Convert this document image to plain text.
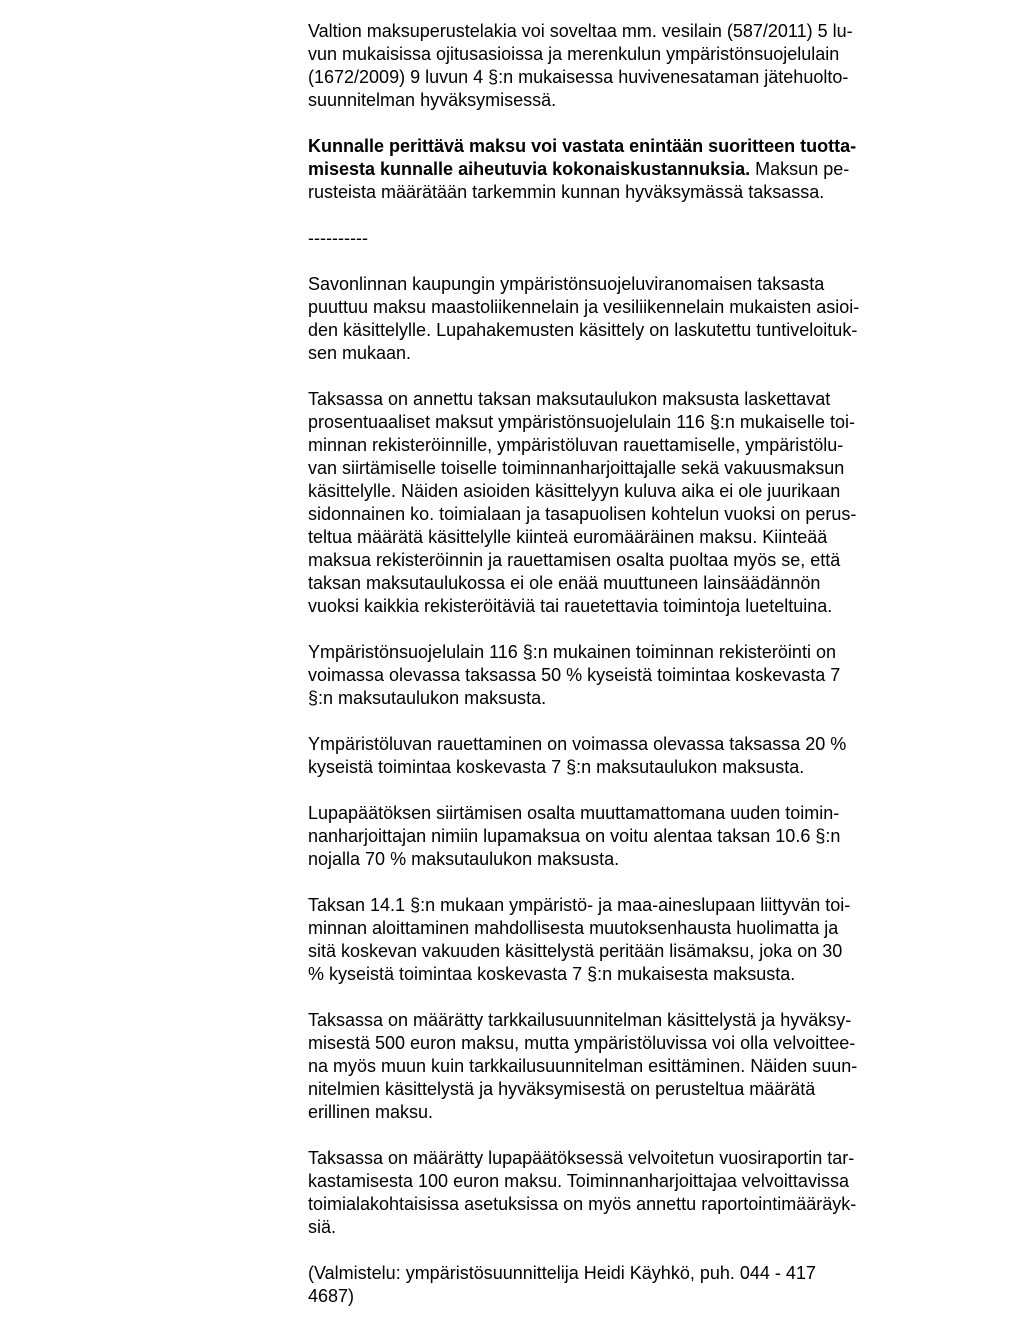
Valtion maksuperustelakia voi soveltaa mm. vesilain (587/2011) 5 lu-
vun mukaisissa ojitusasioissa ja merenkulun ympäristönsuojelulain
(1672/2009) 9 luvun 4 §:n mukaisessa huvivenesataman jätehuolto-
suunnitelman hyväksymisessä.

Kunnalle perittävä maksu voi vastata enintään suoritteen tuotta-
misesta kunnalle aiheutuvia kokonaiskustannuksia. Maksun pe-
rusteista määrätään tarkemmin kunnan hyväksymässä taksassa.

----------

Savonlinnan kaupungin ympäristönsuojeluviranomaisen taksasta
puuttuu maksu maastoliikennelain ja vesiliikennelain mukaisten asioi-
den käsittelylle. Lupahakemusten käsittely on laskutettu tuntiveloituk-
sen mukaan.

Taksassa on annettu taksan maksutaulukon maksusta laskettavat
prosentuaaliset maksut ympäristönsuojelulain 116 §:n mukaiselle toi-
minnan rekisteröinnille, ympäristöluvan rauettamiselle, ympäristölu-
van siirtämiselle toiselle toiminnanharjoittajalle sekä vakuusmaksun
käsittelylle. Näiden asioiden käsittelyyn kuluva aika ei ole juurikaan
sidonnainen ko. toimialaan ja tasapuolisen kohtelun vuoksi on perus-
teltua määrätä käsittelylle kiinteä euromääräinen maksu. Kiinteää
maksua rekisteröinnin ja rauettamisen osalta puoltaa myös se, että
taksan maksutaulukossa ei ole enää muuttuneen lainsäädännön
vuoksi kaikkia rekisteröitäviä tai rauetettavia toimintoja lueteltuina.

Ympäristönsuojelulain 116 §:n mukainen toiminnan rekisteröinti on
voimassa olevassa taksassa 50 % kyseistä toimintaa koskevasta 7
§:n maksutaulukon maksusta.

Ympäristöluvan rauettaminen on voimassa olevassa taksassa 20 %
kyseistä toimintaa koskevasta 7 §:n maksutaulukon maksusta.

Lupapäätöksen siirtämisen osalta muuttamattomana uuden toimin-
nanharjoittajan nimiin lupamaksua on voitu alentaa taksan 10.6 §:n
nojalla 70 % maksutaulukon maksusta.

Taksan 14.1 §:n mukaan ympäristö- ja maa-aineslupaan liittyvän toi-
minnan aloittaminen mahdollisesta muutoksenhausta huolimatta ja
sitä koskevan vakuuden käsittelystä peritään lisämaksu, joka on 30
% kyseistä toimintaa koskevasta 7 §:n mukaisesta maksusta.

Taksassa on määrätty tarkkailusuunnitelman käsittelystä ja hyväksy-
misestä 500 euron maksu, mutta ympäristöluvissa voi olla velvoittee-
na myös muun kuin tarkkailusuunnitelman esittäminen. Näiden suun-
nitelmien käsittelystä ja hyväksymisestä on perusteltua määrätä
erillinen maksu.

Taksassa on määrätty lupapäätöksessä velvoitetun vuosiraportin tar-
kastamisesta 100 euron maksu. Toiminnanharjoittajaa velvoittavissa
toimialakohtaisissa asetuksissa on myös annettu raportointimääräyk-
siä.

(Valmistelu: ympäristösuunnittelija Heidi Käyhkö, puh. 044 - 417
4687)
